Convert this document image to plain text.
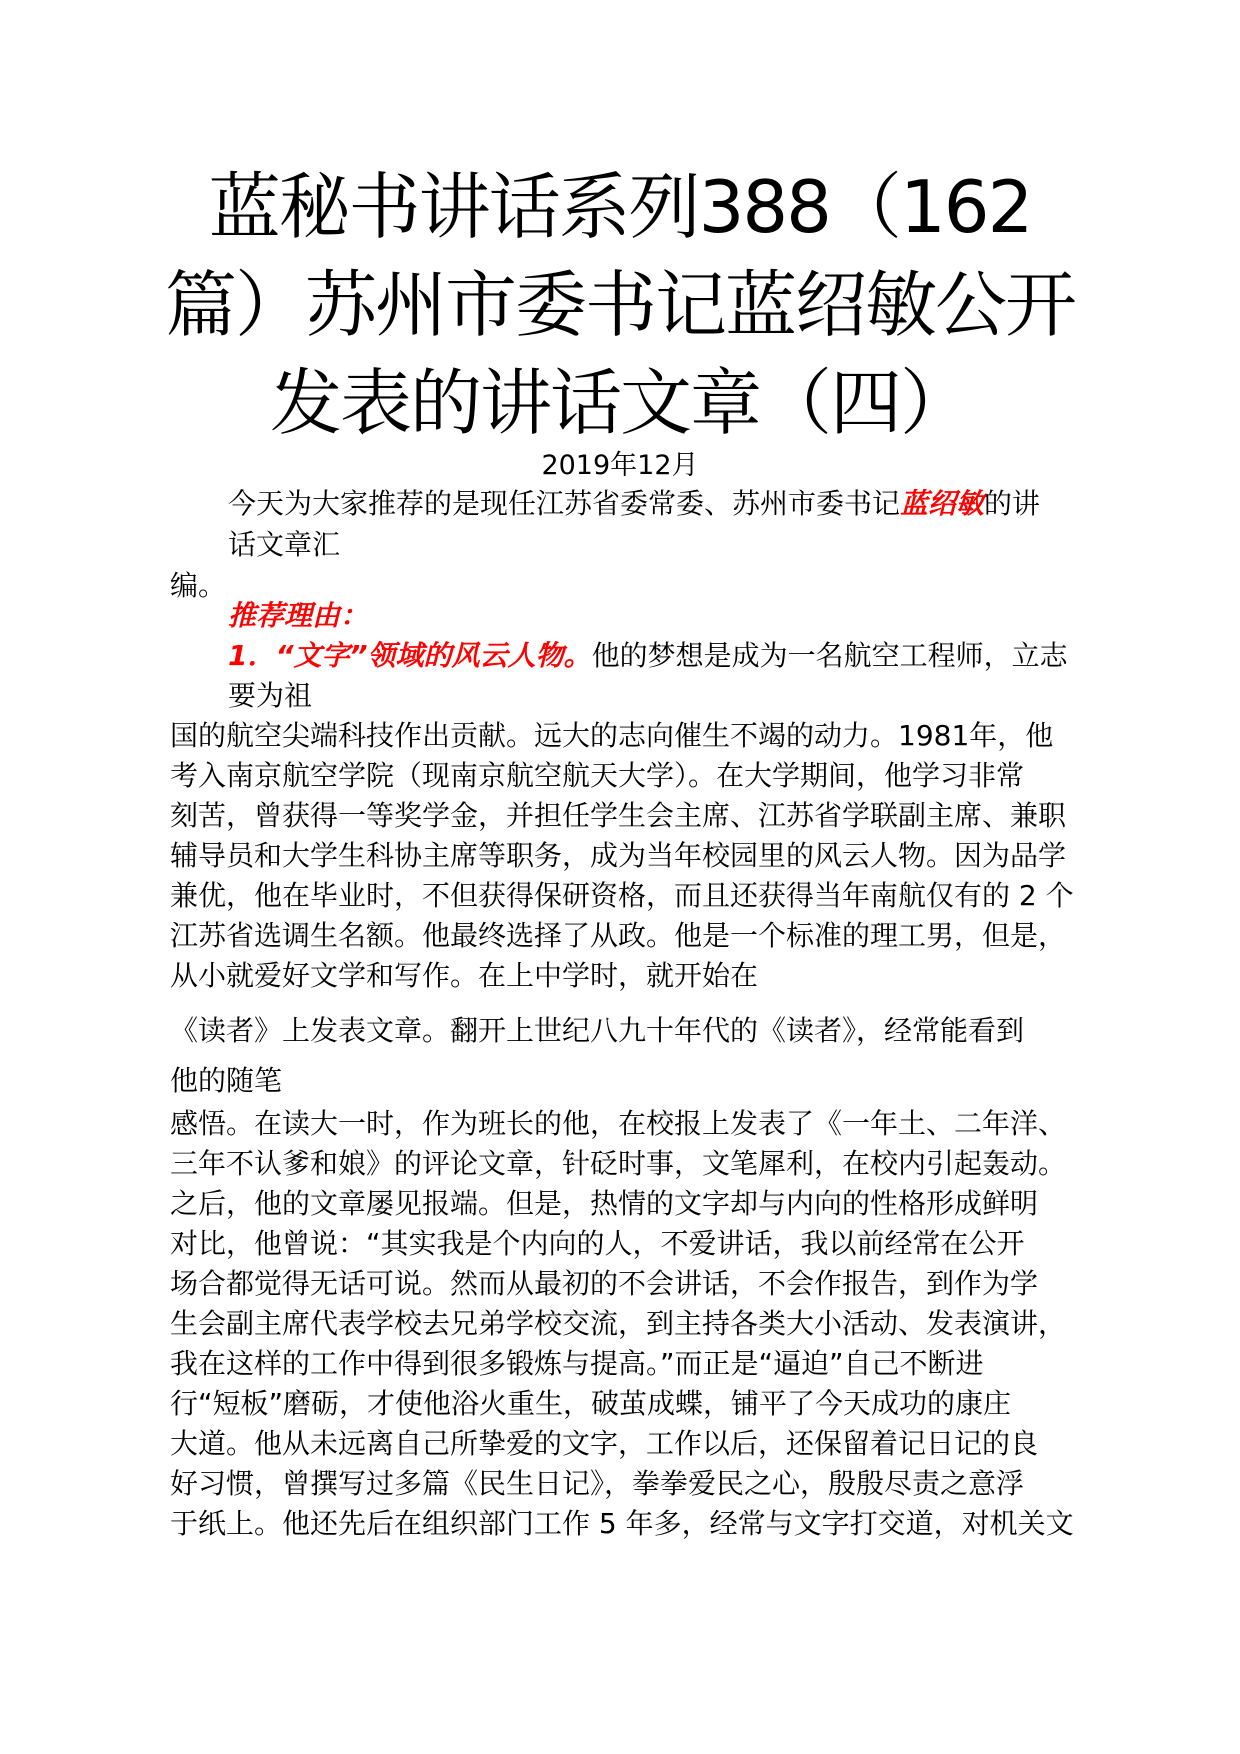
蓝秘书讲话系列388（162
篇）苏州市委书记蓝绍敏公开
发表的讲话文章（四）
2019年12月
今天为大家推荐的是现任江苏省委常委、苏州市委书记蓝绍敏的讲
话文章汇
编。
推荐理由：
1．“文字”领域的风云人物。他的梦想是成为一名航空工程师，立志
要为祖
国的航空尖端科技作出贡献。远大的志向催生不竭的动力。1981年，他
考入南京航空学院（现南京航空航天大学）。在大学期间，他学习非常
刻苦，曾获得一等奖学金，并担任学生会主席、江苏省学联副主席、兼职
辅导员和大学生科协主席等职务，成为当年校园里的风云人物。因为品学
兼优，他在毕业时，不但获得保研资格，而且还获得当年南航仅有的 2 个
江苏省选调生名额。他最终选择了从政。他是一个标准的理工男，但是，
从小就爱好文学和写作。在上中学时，就开始在
《读者》上发表文章。翻开上世纪八九十年代的《读者》，经常能看到
他的随笔
感悟。在读大一时，作为班长的他，在校报上发表了《一年土、二年洋、
三年不认爹和娘》的评论文章，针砭时事，文笔犀利，在校内引起轰动。
之后，他的文章屡见报端。但是，热情的文字却与内向的性格形成鲜明
对比，他曾说：“其实我是个内向的人，不爱讲话，我以前经常在公开
场合都觉得无话可说。然而从最初的不会讲话，不会作报告，到作为学
生会副主席代表学校去兄弟学校交流，到主持各类大小活动、发表演讲，
我在这样的工作中得到很多锻炼与提高。”而正是“逼迫”自己不断进
行“短板”磨砺，才使他浴火重生，破茧成蝶，铺平了今天成功的康庄
大道。他从未远离自己所挚爱的文字，工作以后，还保留着记日记的良
好习惯，曾撰写过多篇《民生日记》，拳拳爱民之心，殷殷尽责之意浮
于纸上。他还先后在组织部门工作 5 年多，经常与文字打交道，对机关文
